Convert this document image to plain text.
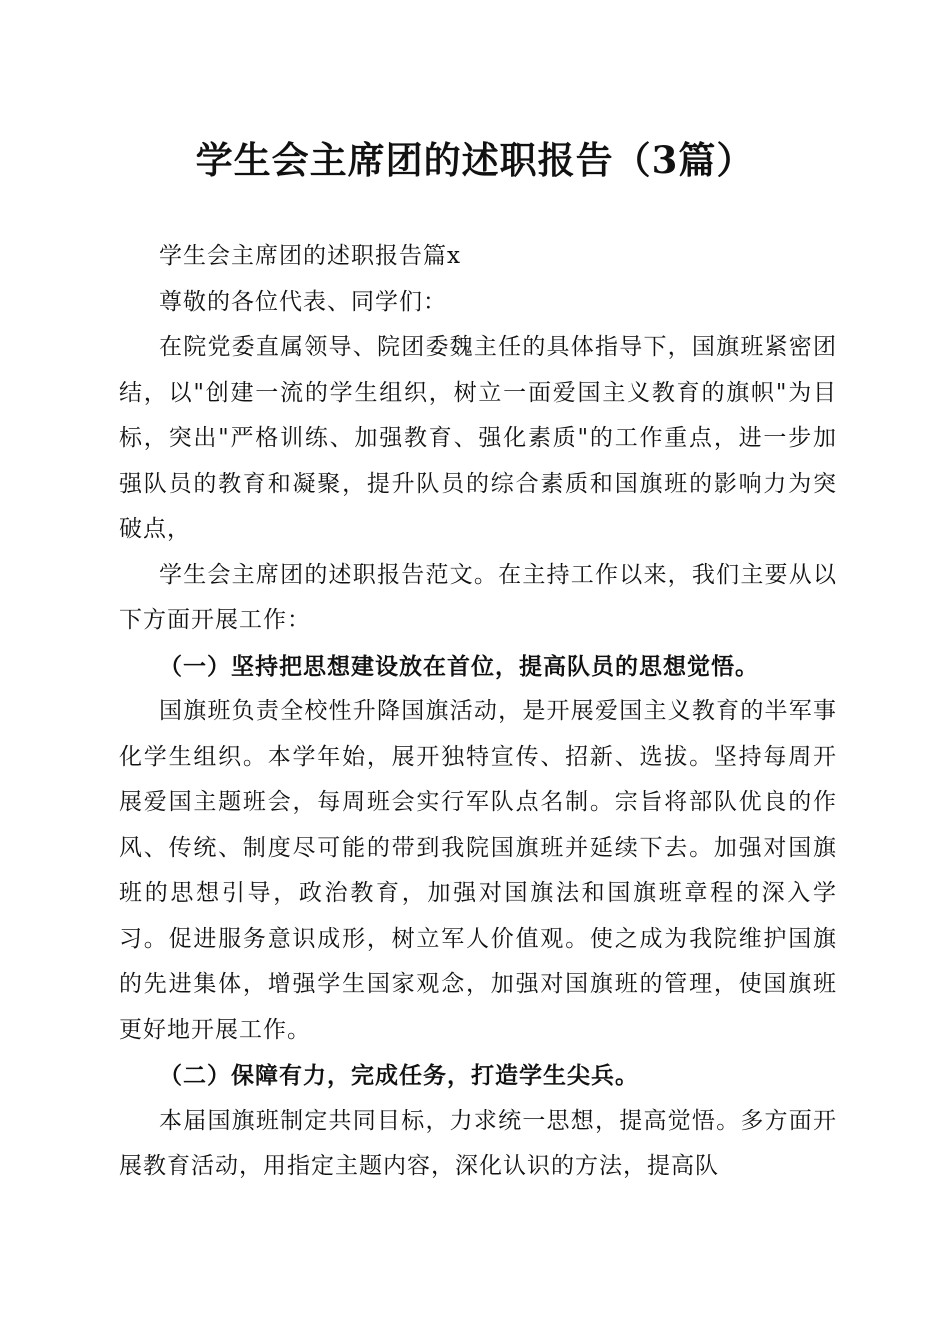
学生会主席团的述职报告（3篇）

学生会主席团的述职报告篇x

尊敬的各位代表、同学们：

在院党委直属领导、院团委魏主任的具体指导下，国旗班紧密团结，以"创建一流的学生组织，树立一面爱国主义教育的旗帜"为目标，突出"严格训练、加强教育、强化素质"的工作重点，进一步加强队员的教育和凝聚，提升队员的综合素质和国旗班的影响力为突破点，

学生会主席团的述职报告范文。在主持工作以来，我们主要从以下方面开展工作：

（一）坚持把思想建设放在首位，提高队员的思想觉悟。

国旗班负责全校性升降国旗活动，是开展爱国主义教育的半军事化学生组织。本学年始，展开独特宣传、招新、选拔。坚持每周开展爱国主题班会，每周班会实行军队点名制。宗旨将部队优良的作风、传统、制度尽可能的带到我院国旗班并延续下去。加强对国旗班的思想引导，政治教育，加强对国旗法和国旗班章程的深入学习。促进服务意识成形，树立军人价值观。使之成为我院维护国旗的先进集体，增强学生国家观念，加强对国旗班的管理，使国旗班更好地开展工作。

（二）保障有力，完成任务，打造学生尖兵。

本届国旗班制定共同目标，力求统一思想，提高觉悟。多方面开展教育活动，用指定主题内容，深化认识的方法，提高队
